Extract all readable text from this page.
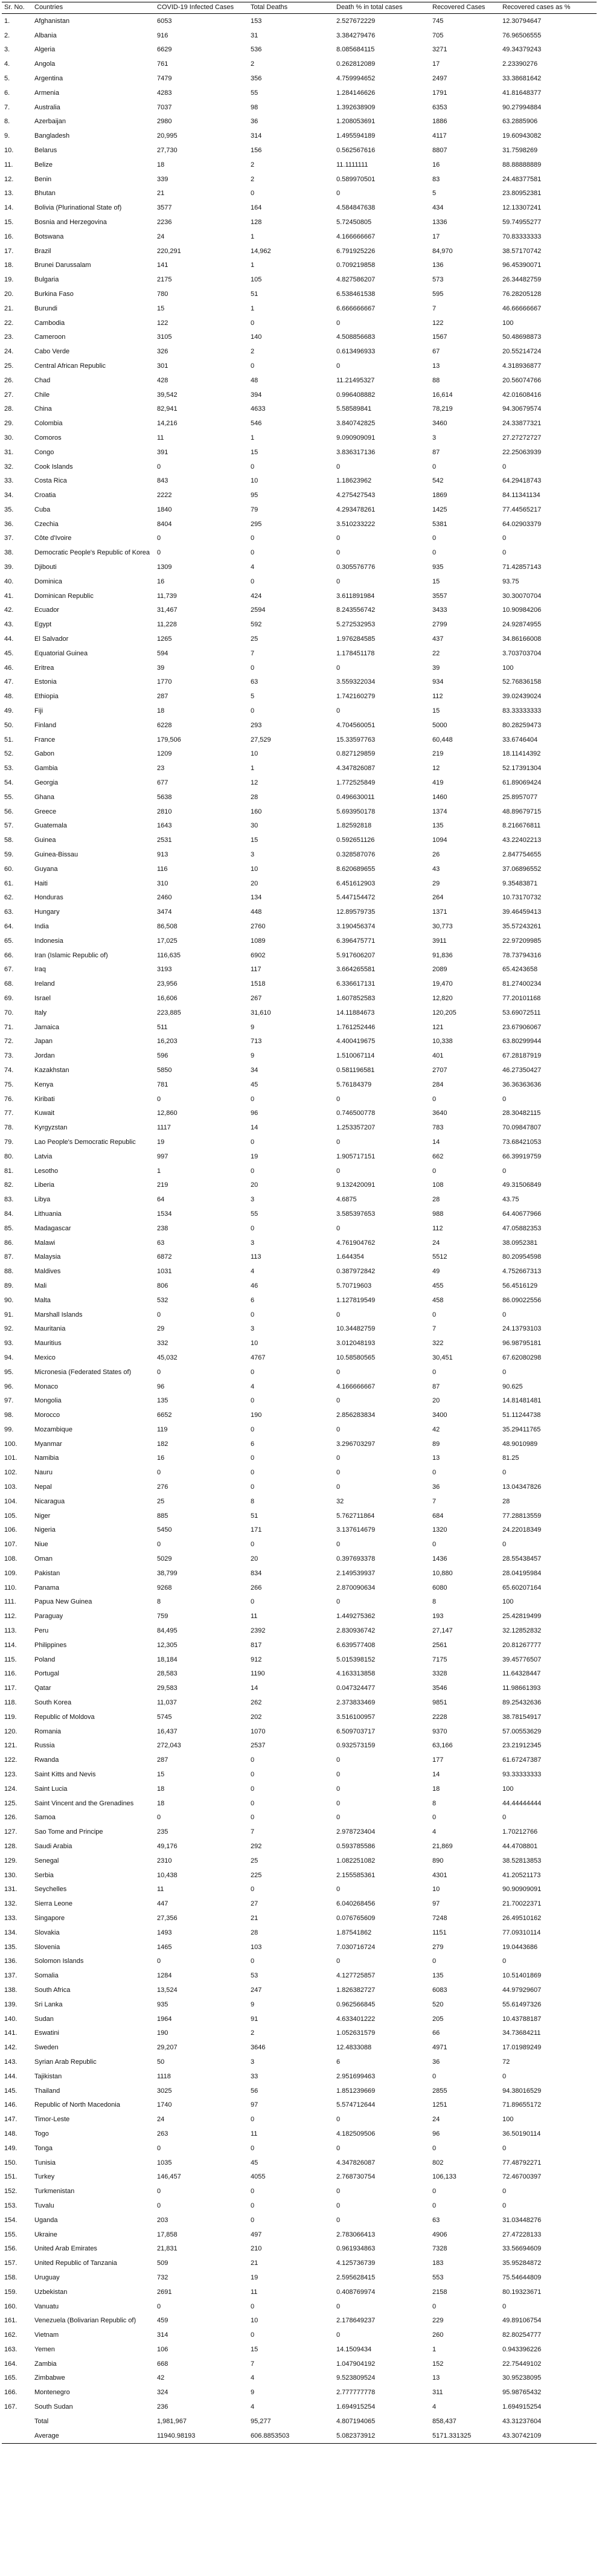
Sr. No.	Countries	COVID-19 Infected Cases	Total Deaths	Death % in total cases	Recovered Cases	Recovered cases as %
1.	Afghanistan	6053	153	2.527672229	745	12.30794647
2.	Albania	916	31	3.384279476	705	76.96506555
3.	Algeria	6629	536	8.085684115	3271	49.34379243
4.	Angola	761	2	0.262812089	17	2.23390276
5.	Argentina	7479	356	4.759994652	2497	33.38681642
6.	Armenia	4283	55	1.284146626	1791	41.81648377
7.	Australia	7037	98	1.392638909	6353	90.27994884
8.	Azerbaijan	2980	36	1.208053691	1886	63.2885906
9.	Bangladesh	20,995	314	1.495594189	4117	19.60943082
10.	Belarus	27,730	156	0.562567616	8807	31.7598269
11.	Belize	18	2	11.1111111	16	88.88888889
12.	Benin	339	2	0.589970501	83	24.48377581
13.	Bhutan	21	0	0	5	23.80952381
14.	Bolivia (Plurinational State of)	3577	164	4.584847638	434	12.13307241
15.	Bosnia and Herzegovina	2236	128	5.72450805	1336	59.74955277
16.	Botswana	24	1	4.166666667	17	70.83333333
17.	Brazil	220,291	14,962	6.791925226	84,970	38.57170742
18.	Brunei Darussalam	141	1	0.709219858	136	96.45390071
19.	Bulgaria	2175	105	4.827586207	573	26.34482759
20.	Burkina Faso	780	51	6.538461538	595	76.28205128
21.	Burundi	15	1	6.666666667	7	46.66666667
22.	Cambodia	122	0	0	122	100
23.	Cameroon	3105	140	4.508856683	1567	50.48698873
24.	Cabo Verde	326	2	0.613496933	67	20.55214724
25.	Central African Republic	301	0	0	13	4.318936877
26.	Chad	428	48	11.21495327	88	20.56074766
27.	Chile	39,542	394	0.996408882	16,614	42.01608416
28.	China	82,941	4633	5.58589841	78,219	94.30679574
29.	Colombia	14,216	546	3.840742825	3460	24.33877321
30.	Comoros	11	1	9.090909091	3	27.27272727
31.	Congo	391	15	3.836317136	87	22.25063939
32.	Cook Islands	0	0	0	0	0
33.	Costa Rica	843	10	1.18623962	542	64.29418743
34.	Croatia	2222	95	4.275427543	1869	84.11341134
35.	Cuba	1840	79	4.293478261	1425	77.44565217
36.	Czechia	8404	295	3.510233222	5381	64.02903379
37.	Côte d'Ivoire	0	0	0	0	0
38.	Democratic People's Republic of Korea	0	0	0	0	0
39.	Djibouti	1309	4	0.305576776	935	71.42857143
40.	Dominica	16	0	0	15	93.75
41.	Dominican Republic	11,739	424	3.611891984	3557	30.30070704
42.	Ecuador	31,467	2594	8.243556742	3433	10.90984206
43.	Egypt	11,228	592	5.272532953	2799	24.92874955
44.	El Salvador	1265	25	1.976284585	437	34.86166008
45.	Equatorial Guinea	594	7	1.178451178	22	3.703703704
46.	Eritrea	39	0	0	39	100
47.	Estonia	1770	63	3.559322034	934	52.76836158
48.	Ethiopia	287	5	1.742160279	112	39.02439024
49.	Fiji	18	0	0	15	83.33333333
50.	Finland	6228	293	4.704560051	5000	80.28259473
51.	France	179,506	27,529	15.33597763	60,448	33.6746404
52.	Gabon	1209	10	0.827129859	219	18.11414392
53.	Gambia	23	1	4.347826087	12	52.17391304
54.	Georgia	677	12	1.772525849	419	61.89069424
55.	Ghana	5638	28	0.496630011	1460	25.8957077
56.	Greece	2810	160	5.693950178	1374	48.89679715
57.	Guatemala	1643	30	1.82592818	135	8.216676811
58.	Guinea	2531	15	0.592651126	1094	43.22402213
59.	Guinea-Bissau	913	3	0.328587076	26	2.847754655
60.	Guyana	116	10	8.620689655	43	37.06896552
61.	Haiti	310	20	6.451612903	29	9.35483871
62.	Honduras	2460	134	5.447154472	264	10.73170732
63.	Hungary	3474	448	12.89579735	1371	39.46459413
64.	India	86,508	2760	3.190456374	30,773	35.57243261
65.	Indonesia	17,025	1089	6.396475771	3911	22.97209985
66.	Iran (Islamic Republic of)	116,635	6902	5.917606207	91,836	78.73794316
67.	Iraq	3193	117	3.664265581	2089	65.4243658
68.	Ireland	23,956	1518	6.336617131	19,470	81.27400234
69.	Israel	16,606	267	1.607852583	12,820	77.20101168
70.	Italy	223,885	31,610	14.11884673	120,205	53.69072511
71.	Jamaica	511	9	1.761252446	121	23.67906067
72.	Japan	16,203	713	4.400419675	10,338	63.80299944
73.	Jordan	596	9	1.510067114	401	67.28187919
74.	Kazakhstan	5850	34	0.581196581	2707	46.27350427
75.	Kenya	781	45	5.76184379	284	36.36363636
76.	Kiribati	0	0	0	0	0
77.	Kuwait	12,860	96	0.746500778	3640	28.30482115
78.	Kyrgyzstan	1117	14	1.253357207	783	70.09847807
79.	Lao People's Democratic Republic	19	0	0	14	73.68421053
80.	Latvia	997	19	1.905717151	662	66.39919759
81.	Lesotho	1	0	0	0	0
82.	Liberia	219	20	9.132420091	108	49.31506849
83.	Libya	64	3	4.6875	28	43.75
84.	Lithuania	1534	55	3.585397653	988	64.40677966
85.	Madagascar	238	0	0	112	47.05882353
86.	Malawi	63	3	4.761904762	24	38.0952381
87.	Malaysia	6872	113	1.644354	5512	80.20954598
88.	Maldives	1031	4	0.387972842	49	4.752667313
89.	Mali	806	46	5.70719603	455	56.4516129
90.	Malta	532	6	1.127819549	458	86.09022556
91.	Marshall Islands	0	0	0	0	0
92.	Mauritania	29	3	10.34482759	7	24.13793103
93.	Mauritius	332	10	3.012048193	322	96.98795181
94.	Mexico	45,032	4767	10.58580565	30,451	67.62080298
95.	Micronesia (Federated States of)	0	0	0	0	0
96.	Monaco	96	4	4.166666667	87	90.625
97.	Mongolia	135	0	0	20	14.81481481
98.	Morocco	6652	190	2.856283834	3400	51.11244738
99.	Mozambique	119	0	0	42	35.29411765
100.	Myanmar	182	6	3.296703297	89	48.9010989
101.	Namibia	16	0	0	13	81.25
102.	Nauru	0	0	0	0	0
103.	Nepal	276	0	0	36	13.04347826
104.	Nicaragua	25	8	32	7	28
105.	Niger	885	51	5.762711864	684	77.28813559
106.	Nigeria	5450	171	3.137614679	1320	24.22018349
107.	Niue	0	0	0	0	0
108.	Oman	5029	20	0.397693378	1436	28.55438457
109.	Pakistan	38,799	834	2.149539937	10,880	28.04195984
110.	Panama	9268	266	2.870090634	6080	65.60207164
111.	Papua New Guinea	8	0	0	8	100
112.	Paraguay	759	11	1.449275362	193	25.42819499
113.	Peru	84,495	2392	2.830936742	27,147	32.12852832
114.	Philippines	12,305	817	6.639577408	2561	20.81267777
115.	Poland	18,184	912	5.015398152	7175	39.45776507
116.	Portugal	28,583	1190	4.163313858	3328	11.64328447
117.	Qatar	29,583	14	0.047324477	3546	11.98661393
118.	South Korea	11,037	262	2.373833469	9851	89.25432636
119.	Republic of Moldova	5745	202	3.516100957	2228	38.78154917
120.	Romania	16,437	1070	6.509703717	9370	57.00553629
121.	Russia	272,043	2537	0.932573159	63,166	23.21912345
122.	Rwanda	287	0	0	177	61.67247387
123.	Saint Kitts and Nevis	15	0	0	14	93.33333333
124.	Saint Lucia	18	0	0	18	100
125.	Saint Vincent and the Grenadines	18	0	0	8	44.44444444
126.	Samoa	0	0	0	0	0
127.	Sao Tome and Principe	235	7	2.978723404	4	1.70212766
128.	Saudi Arabia	49,176	292	0.593785586	21,869	44.4708801
129.	Senegal	2310	25	1.082251082	890	38.52813853
130.	Serbia	10,438	225	2.155585361	4301	41.20521173
131.	Seychelles	11	0	0	10	90.90909091
132.	Sierra Leone	447	27	6.040268456	97	21.70022371
133.	Singapore	27,356	21	0.076765609	7248	26.49510162
134.	Slovakia	1493	28	1.87541862	1151	77.09310114
135.	Slovenia	1465	103	7.030716724	279	19.0443686
136.	Solomon Islands	0	0	0	0	0
137.	Somalia	1284	53	4.127725857	135	10.51401869
138.	South Africa	13,524	247	1.826382727	6083	44.97929607
139.	Sri Lanka	935	9	0.962566845	520	55.61497326
140.	Sudan	1964	91	4.633401222	205	10.43788187
141.	Eswatini	190	2	1.052631579	66	34.73684211
142.	Sweden	29,207	3646	12.4833088	4971	17.01989249
143.	Syrian Arab Republic	50	3	6	36	72
144.	Tajikistan	1118	33	2.951699463	0	0
145.	Thailand	3025	56	1.851239669	2855	94.38016529
146.	Republic of North Macedonia	1740	97	5.574712644	1251	71.89655172
147.	Timor-Leste	24	0	0	24	100
148.	Togo	263	11	4.182509506	96	36.50190114
149.	Tonga	0	0	0	0	0
150.	Tunisia	1035	45	4.347826087	802	77.48792271
151.	Turkey	146,457	4055	2.768730754	106,133	72.46700397
152.	Turkmenistan	0	0	0	0	0
153.	Tuvalu	0	0	0	0	0
154.	Uganda	203	0	0	63	31.03448276
155.	Ukraine	17,858	497	2.783066413	4906	27.47228133
156.	United Arab Emirates	21,831	210	0.961934863	7328	33.56694609
157.	United Republic of Tanzania	509	21	4.125736739	183	35.95284872
158.	Uruguay	732	19	2.595628415	553	75.54644809
159.	Uzbekistan	2691	11	0.408769974	2158	80.19323671
160.	Vanuatu	0	0	0	0	0
161.	Venezuela (Bolivarian Republic of)	459	10	2.178649237	229	49.89106754
162.	Vietnam	314	0	0	260	82.80254777
163.	Yemen	106	15	14.1509434	1	0.943396226
164.	Zambia	668	7	1.047904192	152	22.75449102
165.	Zimbabwe	42	4	9.523809524	13	30.95238095
166.	Montenegro	324	9	2.777777778	311	95.98765432
167.	South Sudan	236	4	1.694915254	4	1.694915254
	Total	1,981,967	95,277	4.807194065	858,437	43.31237604
	Average	11940.98193	606.8853503	5.082373912	5171.331325	43.30742109
